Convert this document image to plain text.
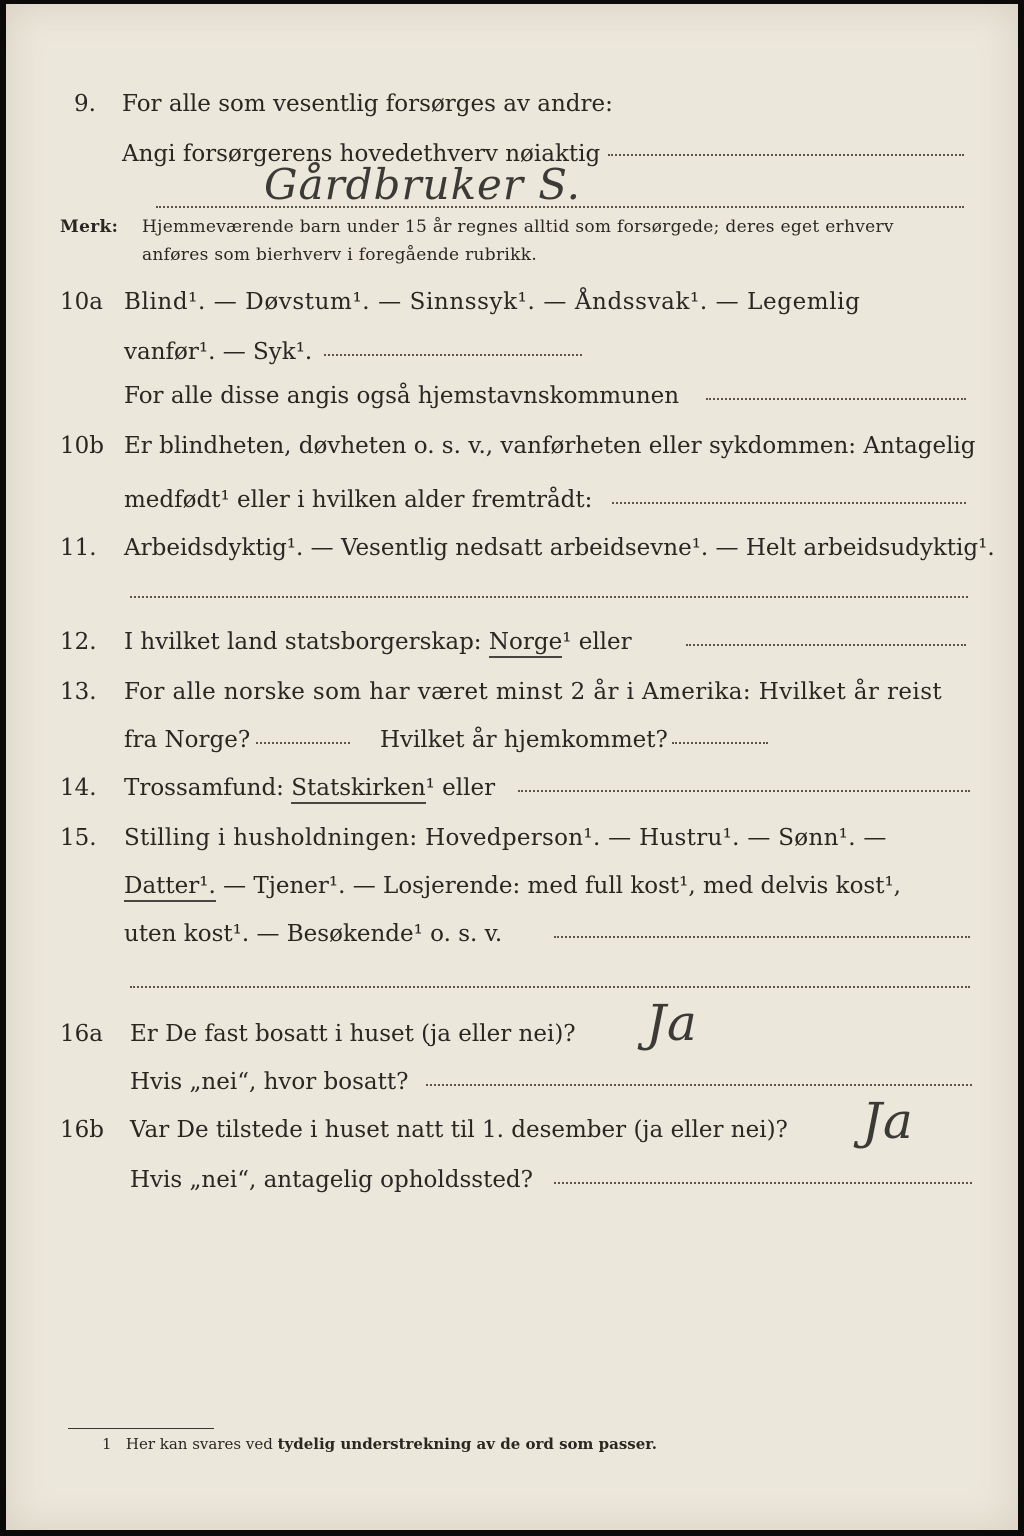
9. For alle som vesentlig forsørges av andre:
Angi forsørgerens hovedethverv nøiaktig
Gårdbruker S.
Merk: Hjemmeværende barn under 15 år regnes alltid som forsørgede; deres eget erhverv
anføres som bierhverv i foregående rubrikk.
10a Blind¹. — Døvstum¹. — Sinnssyk¹. — Åndssvak¹. — Legemlig
vanfør¹. — Syk¹.
For alle disse angis også hjemstavnskommunen
10b Er blindheten, døvheten o. s. v., vanførheten eller sykdommen: Antagelig
medfødt¹ eller i hvilken alder fremtrådt:
11. Arbeidsdyktig¹. — Vesentlig nedsatt arbeidsevne¹. — Helt arbeidsudyktig¹.
12. I hvilket land statsborgerskap: Norge¹ eller
13. For alle norske som har været minst 2 år i Amerika: Hvilket år reist
fra Norge?	Hvilket år hjemkommet?
14. Trossamfund: Statskirken¹ eller
15. Stilling i husholdningen: Hovedperson¹. — Hustru¹. — Sønn¹. —
Datter¹. — Tjener¹. — Losjerende: med full kost¹, med delvis kost¹,
uten kost¹. — Besøkende¹ o. s. v.
16a Er De fast bosatt i huset (ja eller nei)? Ja
Hvis „nei“, hvor bosatt?
16b Var De tilstede i huset natt til 1. desember (ja eller nei)? Ja
Hvis „nei“, antagelig opholdssted?
1 Her kan svares ved tydelig understrekning av de ord som passer.
